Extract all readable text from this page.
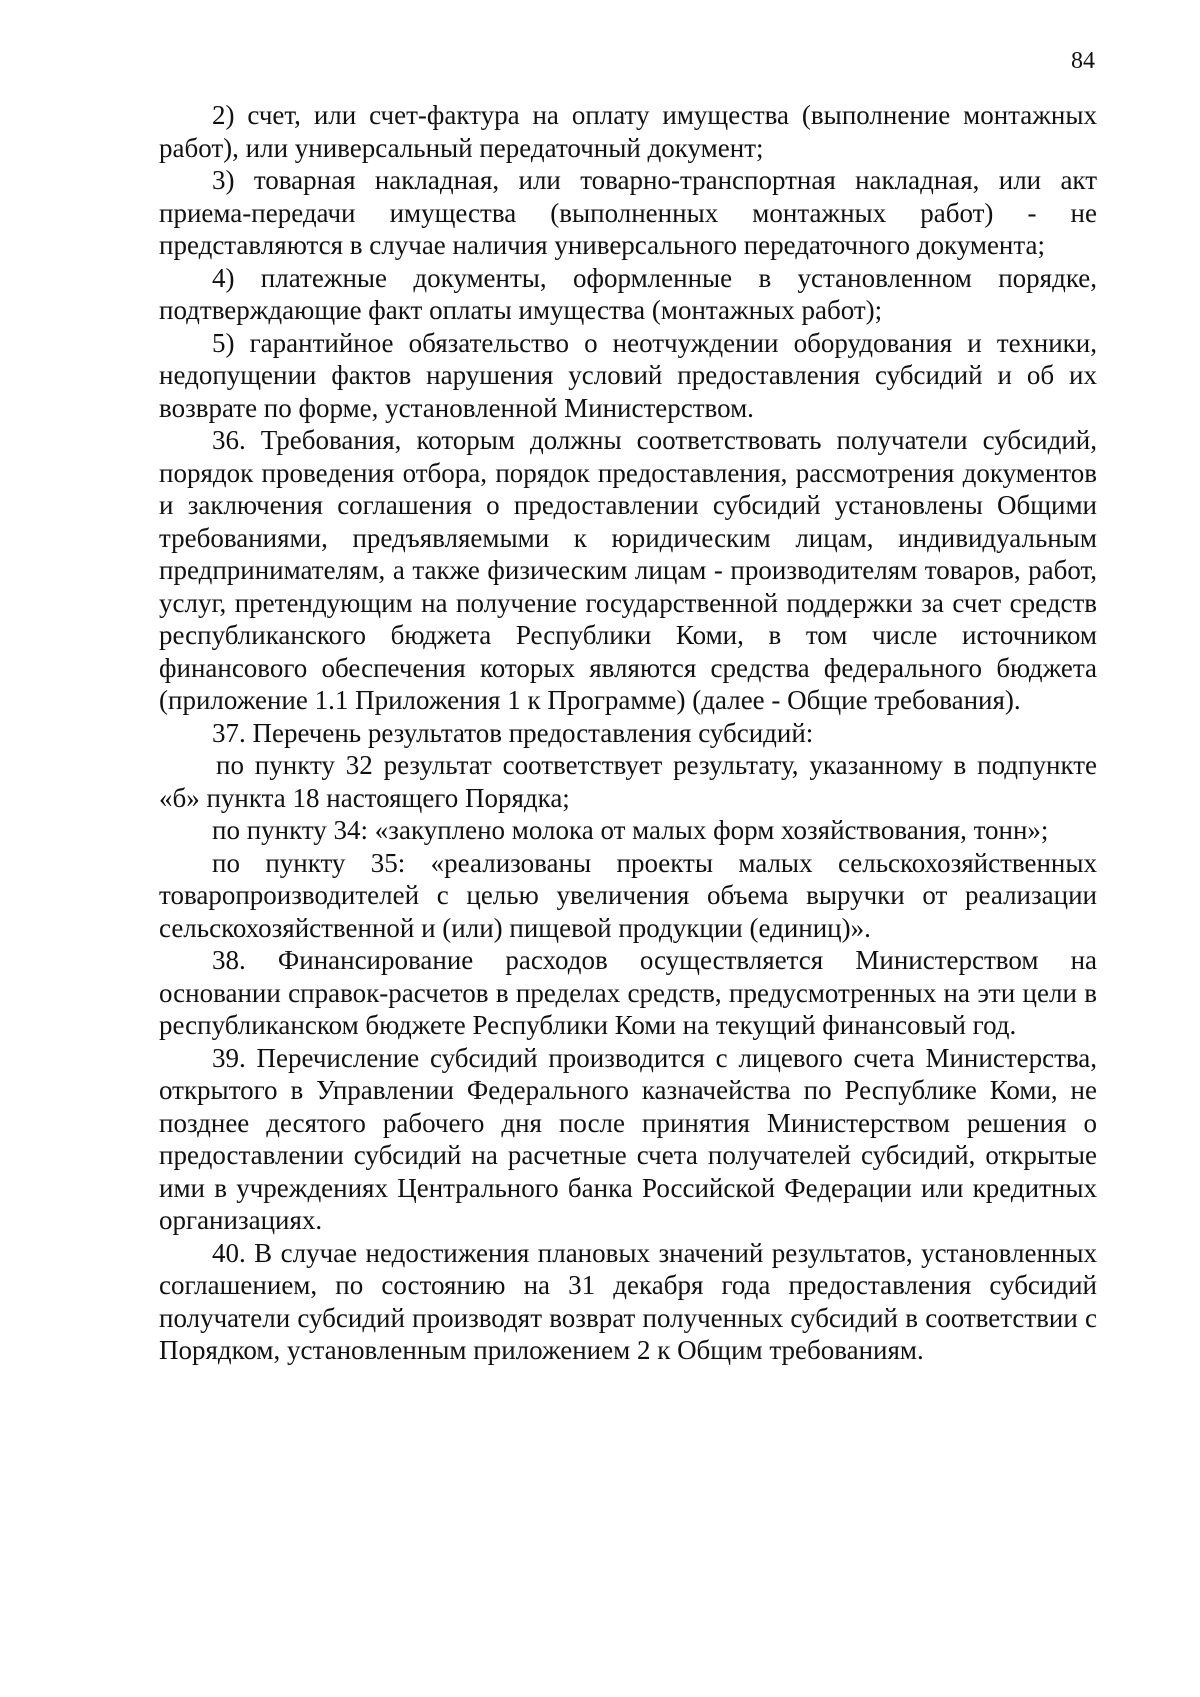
84

2) счет, или счет-фактура на оплату имущества (выполнение монтажных работ), или универсальный передаточный документ;

3) товарная накладная, или товарно-транспортная накладная, или акт приема-передачи имущества (выполненных монтажных работ) - не представляются в случае наличия универсального передаточного документа;

4) платежные документы, оформленные в установленном порядке, подтверждающие факт оплаты имущества (монтажных работ);

5) гарантийное обязательство о неотчуждении оборудования и техники, недопущении фактов нарушения условий предоставления субсидий и об их возврате по форме, установленной Министерством.

36. Требования, которым должны соответствовать получатели субсидий, порядок проведения отбора, порядок предоставления, рассмотрения документов и заключения соглашения о предоставлении субсидий установлены Общими требованиями, предъявляемыми к юридическим лицам, индивидуальным предпринимателям, а также физическим лицам - производителям товаров, работ, услуг, претендующим на получение государственной поддержки за счет средств республиканского бюджета Республики Коми, в том числе источником финансового обеспечения которых являются средства федерального бюджета (приложение 1.1 Приложения 1 к Программе) (далее - Общие требования).

37. Перечень результатов предоставления субсидий:

по пункту 32 результат соответствует результату, указанному в подпункте «б» пункта 18 настоящего Порядка;

по пункту 34: «закуплено молока от малых форм хозяйствования, тонн»;

по пункту 35: «реализованы проекты малых сельскохозяйственных товаропроизводителей с целью увеличения объема выручки от реализации сельскохозяйственной и (или) пищевой продукции (единиц)».

38. Финансирование расходов осуществляется Министерством на основании справок-расчетов в пределах средств, предусмотренных на эти цели в республиканском бюджете Республики Коми на текущий финансовый год.

39. Перечисление субсидий производится с лицевого счета Министерства, открытого в Управлении Федерального казначейства по Республике Коми, не позднее десятого рабочего дня после принятия Министерством решения о предоставлении субсидий на расчетные счета получателей субсидий, открытые ими в учреждениях Центрального банка Российской Федерации или кредитных организациях.

40. В случае недостижения плановых значений результатов, установленных соглашением, по состоянию на 31 декабря года предоставления субсидий получатели субсидий производят возврат полученных субсидий в соответствии с Порядком, установленным приложением 2 к Общим требованиям.
